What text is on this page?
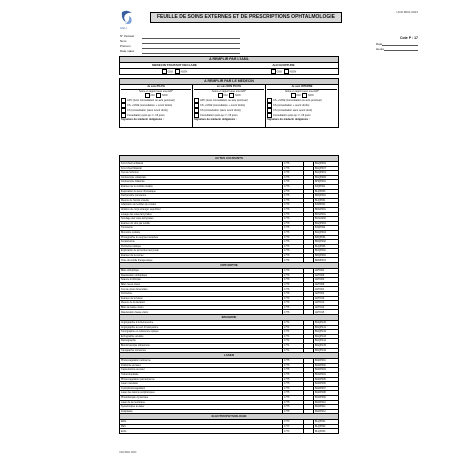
CHU
UGD.8001.0023
FEUILLE DE SOINS EXTERNES ET DE PRESCRIPTIONS OPHTALMOLOGIE
N° Dossier
Nom
Prénom
Date naiss
Cote P : 17
Date
Heure
A REMPLIR PAR L'IAML
MEDECIN TRAITANT DECLARE	ALD ECRITURE
OUI	NON	OUI	NON
A REMPLIR PAR LE MEDECIN
Je suis PO-PH
Soins en rapport avec une ALD*
OUI	NON
APC (1ère Consultation ou avis ponctuel)
CS + MCE (consultation + ouvrir droits)
CS (consultation (sans ouvrir droit))
Consultation post-op => 15 jours
Signature du médecin obligatoire :
Je suis NON PO-PH
Soins en rapport avec une ALD*
OUI	NON
APC (1ère Consultation ou avis ponctuel)
CS + MCE (consultation + ouvrir droits)
CS (consultation (sans ouvrir droit))
Consultation post-op => 15 jours
Signature du médecin obligatoire :
Je suis INTERNE
Soins en rapport avec une ALD*
OUI	NON
CS + MCE (Consultation ou avis ponctuel)
CS (consultation + ouvrir droits)
CS (consultation sans ouvrir droit)
Consultation post-op => 15 jours
Signature du médecin obligatoire :
ACTES COURANTS			
Fond d'oeil unilatéral	1776		BGQP002
Fond d'oeil bilatéral	1776		BGQP007
Test de Schirmer	1776		BGQP001
Gonioscopie unilatérale	1776		BGQP006
Gonioscopie bilatérale	1776		BHQP001
Examen de la motilité oculaire	1776		BJQP001
Exploration du sens chromatique	1776		BLQP003
Pachymétrie cornéenne	1776		BDQP001
Mesure de l'acuité visuelle	1776		BLQP001
Adaptation de lentilles de contact	1776		BJMP001
Ablation de corps étranger superficiel	1776		BDGP001
Lavage des voies lacrymales	1776		BCGP001
Sondage des voies lacrymales	1776		BCGA002
Examen du vitré par lentille	1776		BGQP003
Tonométrie	1776		BJQP002
Biométrie oculaire	1776		BGQP004
Photographie du segment antérieur	1776		BZQP001
Kératométrie	1776		BDQP002
Périmétrie statique	1776		BLQP006
Exploration de la fonction lacrymale	1776		BCQP001
Examen de la cornée	1776		BDQP003
Pose de lentille thérapeutique	1776		BDMP001
ORTHOPTIE			
Bilan orthoptique	1776		AMY004
Rééducation orthoptique	1776		AMY006
Séance d'orthoptie	1776		AMY003
Bilan neuro-visuel	1776		AMY008
Test de vision binoculaire	1776		AMY001
Périmétrie	1776		AMY002
Examen de la fusion	1776		AMY010
Mesure de la déviation	1776		AMY012
Bilan de basse vision	1776		AMY014
Rééducation basse vision	1776		AMY015
IMAGERIE			
Angiographie à la fluorescéine	1774		BGQP140
Angiographie au vert d'indocyanine	1774		BGQP141
Tomographie en cohérence optique	1774		BGQP142
Échographie oculaire	1774		BGQP143
Rétinographie	1774		BGQP144
Biomicroscopie ultrasonore	1774		BGQP145
Topographie cornéenne	1774		BGQP146
LASER			
Photocoagulation rétinienne	1775		BGNP001
Iridotomie au laser	1775		BGNP002
Capsulotomie au laser	1775		BGNP003
Trabéculoplastie	1775		BGNP004
Photocoagulation panrétinienne	1775		BGNP005
Laser maculaire	1775		BGNP006
Cyclophotocoagulation	1775		BGNP007
Laser des lésions périphériques	1775		BGNP008
Photothérapie dynamique	1775		BGNP009
Laser de la membrane	1775		BGNP010
Synéchiolyse au laser	1775		BGNP011
Iridoplastie	1775		BGNP012
ELECTROPHYSIOLOGIE			
ERG	1773		BLQP001
PEV	1773		BLQP002
EOG	1773		BLQP003
UGD.8001.0023
